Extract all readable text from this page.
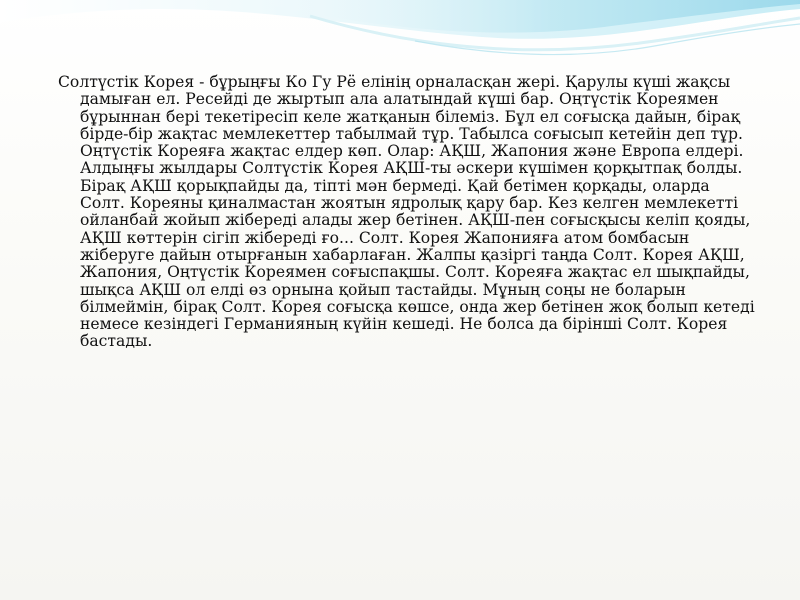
Солтүстік Корея - бұрыңғы Ко Гу Рё елінің орналасқан жері. Қарулы күші жақсы дамыған ел. Ресейді де жыртып ала алатындай күші бар. Оңтүстік Кореямен бұрыннан бері текетіресіп келе жатқанын білеміз. Бұл ел соғысқа дайын, бірақ бірде-бір жақтас мемлекеттер табылмай тұр. Табылса соғысып кетейін деп тұр. Оңтүстік Кореяға жақтас елдер көп. Олар: АҚШ, Жапония және Европа елдері. Алдыңғы жылдары Солтүстік Корея АҚШ-ты әскери күшімен қорқытпақ болды. Бірақ АҚШ қорықпайды да, тіпті мән бермеді. Қай бетімен қорқады, оларда Солт. Кореяны қиналмастан жоятын ядролық қару бар. Кез келген мемлекетті ойланбай жойып жібереді алады жер бетінен. АҚШ-пен соғысқысы келіп қояды, АҚШ көттерін сігіп жібереді ғо... Солт. Корея Жапонияға атом бомбасын жіберуге дайын отырғанын хабарлаған. Жалпы қазіргі таңда Солт. Корея АҚШ, Жапония, Оңтүстік Кореямен соғыспақшы. Солт. Кореяға жақтас ел шықпайды, шықса АҚШ ол елді өз орнына қойып тастайды. Мұның соңы не боларын білмеймін, бірақ Солт. Корея соғысқа көшсе, онда жер бетінен жоқ болып кетеді немесе кезіндегі Германияның күйін кешеді. Не болса да бірінші Солт. Корея бастады.
